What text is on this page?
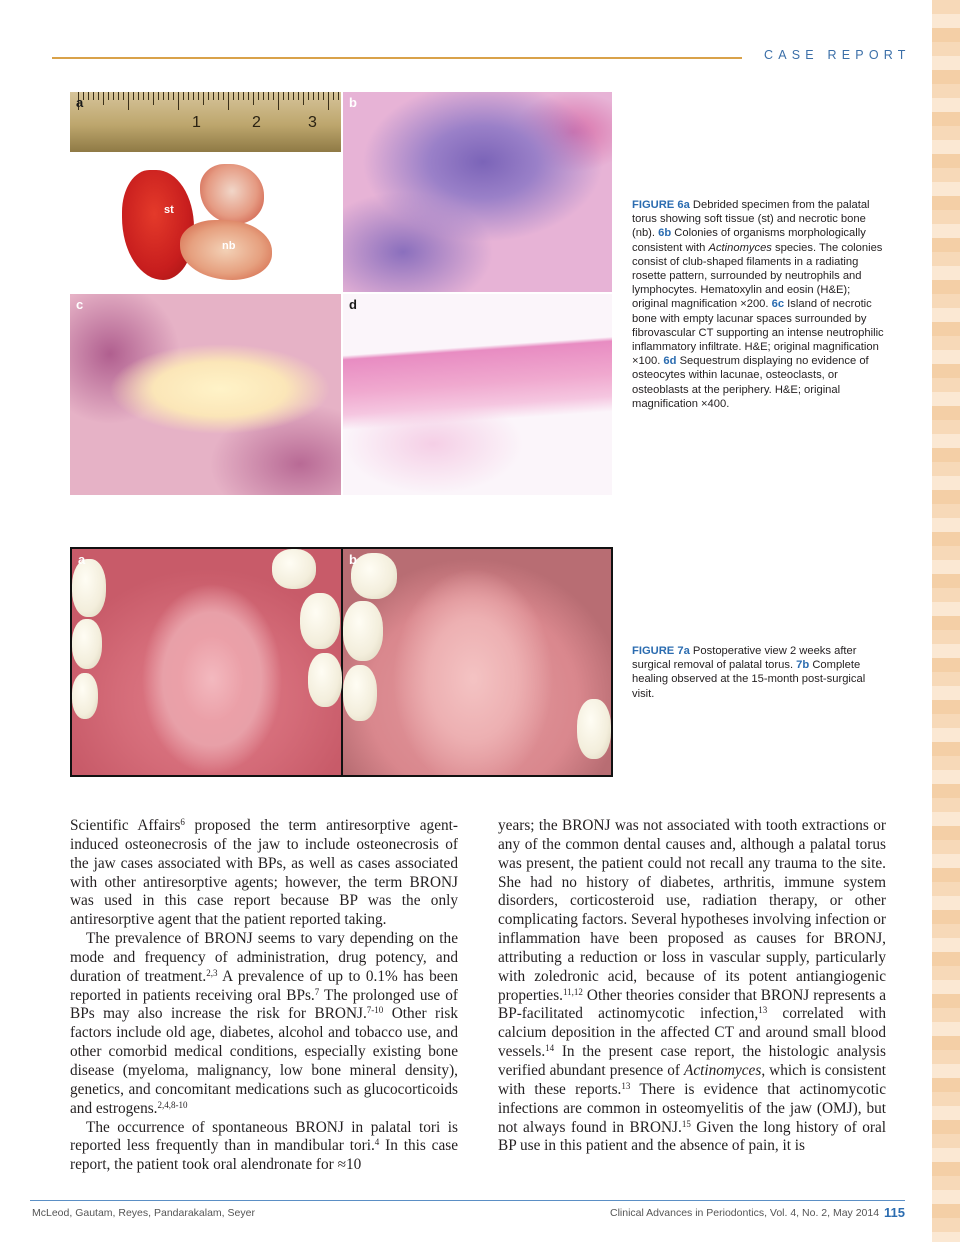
CASE REPORT
1	2	3
a
st
nb
b
c	d
FIGURE 6a Debrided specimen from the palatal torus showing soft tissue (st) and necrotic bone (nb). 6b Colonies of organisms morphologically consistent with Actinomyces species. The colonies consist of club-shaped filaments in a radiating rosette pattern, surrounded by neutrophils and lymphocytes. Hematoxylin and eosin (H&E); original magnification ×200. 6c Island of necrotic bone with empty lacunar spaces surrounded by fibrovascular CT supporting an intense neutrophilic inflammatory infiltrate. H&E; original magnification ×100. 6d Sequestrum displaying no evidence of osteocytes within lacunae, osteoclasts, or osteoblasts at the periphery. H&E; original magnification ×400.
a	b
FIGURE 7a Postoperative view 2 weeks after surgical removal of palatal torus. 7b Complete healing observed at the 15-month post-surgical visit.

Scientific Affairs$^6$ proposed the term antiresorptive agent-induced osteonecrosis of the jaw to include osteonecrosis of the jaw cases associated with BPs, as well as cases associated with other antiresorptive agents; however, the term BRONJ was used in this case report because BP was the only antiresorptive agent that the patient reported taking.

The prevalence of BRONJ seems to vary depending on the mode and frequency of administration, drug potency, and duration of treatment.$^{2,3}$ A prevalence of up to 0.1% has been reported in patients receiving oral BPs.$^7$ The prolonged use of BPs may also increase the risk for BRONJ.$^{7-10}$ Other risk factors include old age, diabetes, alcohol and tobacco use, and other comorbid medical conditions, especially existing bone disease (myeloma, malignancy, low bone mineral density), genetics, and concomitant medications such as glucocorticoids and estrogens.$^{2,4,8-10}$

The occurrence of spontaneous BRONJ in palatal tori is reported less frequently than in mandibular tori.$^4$ In this case report, the patient took oral alendronate for ≈10

years; the BRONJ was not associated with tooth extractions or any of the common dental causes and, although a palatal torus was present, the patient could not recall any trauma to the site. She had no history of diabetes, arthritis, immune system disorders, corticosteroid use, radiation therapy, or other complicating factors. Several hypotheses involving infection or inflammation have been proposed as causes for BRONJ, attributing a reduction or loss in vascular supply, particularly with zoledronic acid, because of its potent antiangiogenic properties.$^{11,12}$ Other theories consider that BRONJ represents a BP-facilitated actinomycotic infection,$^{13}$ correlated with calcium deposition in the affected CT and around small blood vessels.$^{14}$ In the present case report, the histologic analysis verified abundant presence of Actinomyces, which is consistent with these reports.$^{13}$ There is evidence that actinomycotic infections are common in osteomyelitis of the jaw (OMJ), but not always found in BRONJ.$^{15}$ Given the long history of oral BP use in this patient and the absence of pain, it is

McLeod, Gautam, Reyes, Pandarakalam, Seyer	Clinical Advances in Periodontics, Vol. 4, No. 2, May 2014 115
